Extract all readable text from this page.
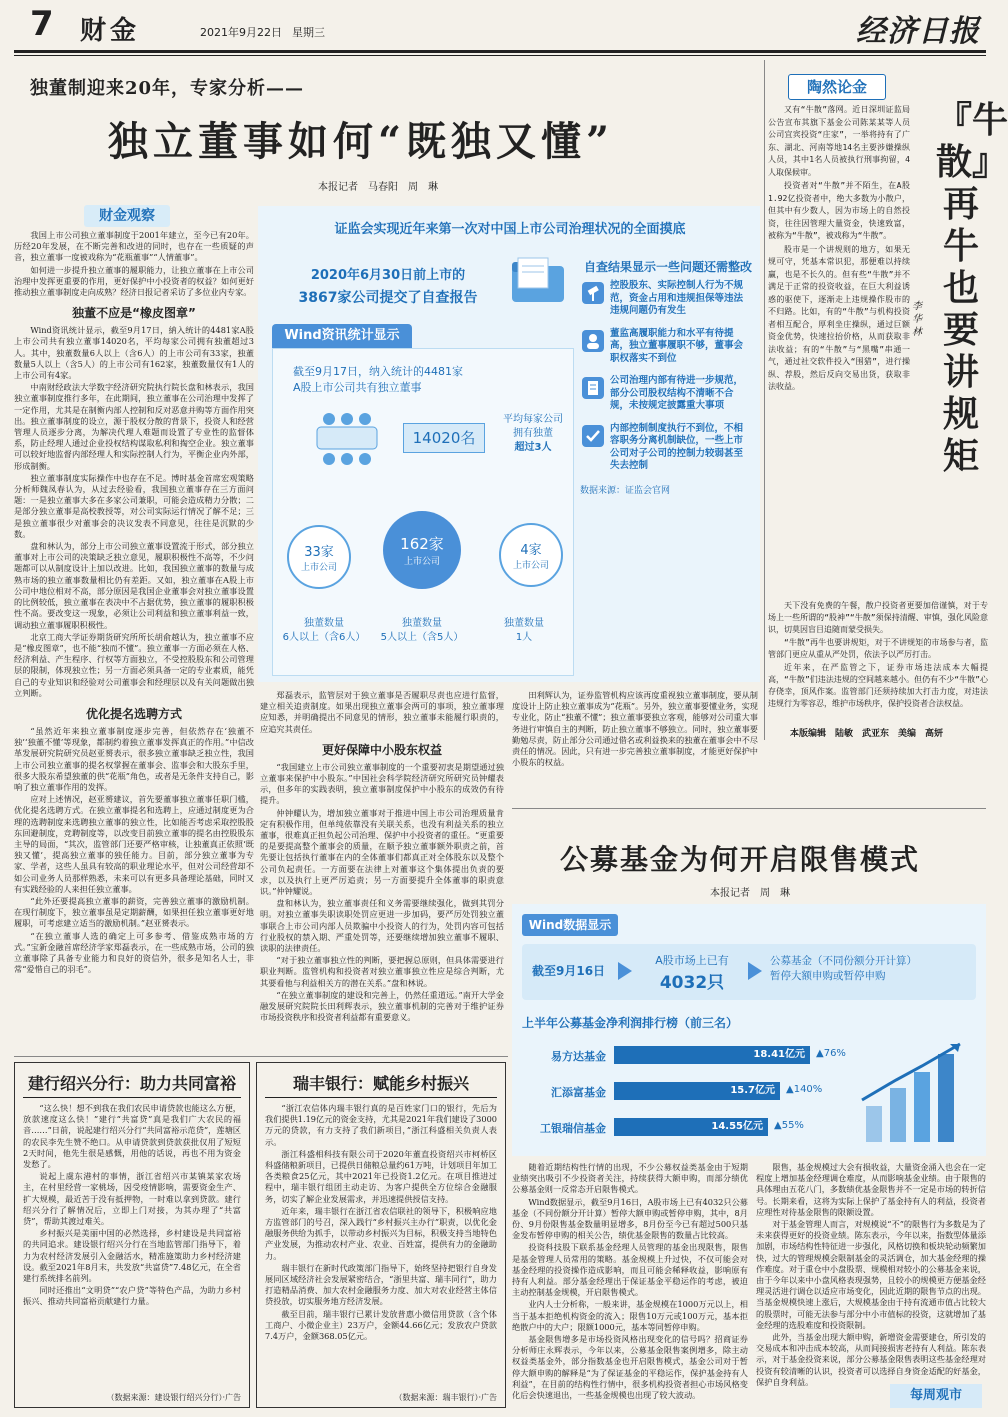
7 财金	2021年9月22日 星期三	经济日报
独董制迎来20年，专家分析——
独立董事如何“既独又懂”
本报记者　马春阳　周　琳
财金观察

我国上市公司独立董事制度于2001年建立，至今已有20年。历经20年发展，在不断完善和改进的同时，也存在一些质疑的声音，独立董事一度被戏称为“花瓶董事”“人情董事”。

如何进一步提升独立董事的履职能力，让独立董事在上市公司治理中发挥更重要的作用，更好保护中小投资者的权益？如何更好推动独立董事制度走向成熟？经济日报记者采访了多位业内专家。

独董不应是“橡皮图章”

Wind资讯统计显示，截至9月17日，納入统计的4481家A股上市公司共有独立董事14020名，平均每家公司拥有独董超过3人。其中，独董数量6人以上（含6人）的上市公司有33家，独董数量5人以上（含5人）的上市公司有162家，独董数量仅有1人的上市公司有4家。

中南财经政法大学数字经济研究院执行院长盘和林表示，我国独立董事制度推行多年，在此期间，独立董事在公司治理中发挥了一定作用，尤其是在制衡内部人控制和反对恶意并购等方面作用突出。独立董事制度的设立，源于股权分散的背景下，投资人和经营管理人员逐步分离，为解决代理人难题而设置了专业性的监督体系，防止经理人通过企业投权结构谋取私利和掏空企业。独立董事可以较好地监督内部经理人和实际控制人行为，平衡企业内外部，形成制衡。

独立董事制度实际操作中也存在不足。博时基金首席宏观策略分析师魏凤春认为，从过去经验看，我国独立董事存在三方面问题：一是独立董事大多在多家公司兼职，可能会造成精力分散；二是部分独立董事是高校教授等，对公司实际运行情况了解不足；三是独立董事很少对董事会的决议发表不同意见，往往是沉默的少数。

盘和林认为，部分上市公司独立董事设置流于形式，部分独立董事对上市公司的决策缺乏独立意见，履职积极性不高等，不少问题都可以从制度设计上加以改进。比如，我国独立董事的数量与成熟市场的独立董事数量相比仍有差距。又如，独立董事在A股上市公司中地位相对不高，部分原因是我国企业董事会对独立董事设置的比例较低，独立董事在表决中不占据优势，独立董事的履职积极性不高。要改变这一现象，必须让公司利益和独立董事利益一致，调动独立董事履职积极性。

北京工商大学证券期货研究所所长胡俞越认为，独立董事不应是“橡皮图章”，也不能“独而不懂”。独立董事一方面必须在人格、经济利益、产生程序、行权等方面独立，不受控股股东和公司管理层的限制，体现独立性；另一方面必须具备一定的专业素质，能凭自己的专业知识和经验对公司董事会和经理层以及有关问题做出独立判断。

优化提名选聘方式

“虽然近年来独立董事制度逐步完善，但依然存在‘独董不独’‘独董不懂’等现象，都制约着独立董事发挥真正的作用。”中信改革发展研究院研究员赵亚赟表示，很多独立董事缺乏独立性，我国上市公司独立董事的提名权掌握在董事会、监事会和大股东手里，很多大股东希望独董的供“花瓶”角色，或者是无条件支持自己，影响了独立董事作用的发挥。

应对上述情况，赵亚赟建议，首先要董事独立董事任职门槛，优化提名选聘方式。在独立董事提名和选聘上，应通过制度更为合理的选聘制度来选聘独立董事的独立性，比如能否考虑采取控股股东回避制度，竞聘制度等，以改变目前独立董事的提名由控股股东主导的局面，“其次，监管部门还要严格审核，让独董真正依照‘既独又懂’，提高独立董事的独任能力。目前，部分独立董事为专家、学者，这些人虽具有较高的职业理论水平，但对公司经营却不如公司业务人员那样熟悉，未来可以有更多具备理论基础，同时又有实践经验的人来担任独立董事。

“此外还要提高独立董事的薪资，完善独立董事的激励机制。在现行制度下，独立董事虽是定期薪酬，如果担任独立董事更好地履职，可考虑建立适当的激励机制。”赵亚赟表示。

“在独立董事人选的确定上可多参考、借鉴成熟市场的方式。”宝新金融首席经济学家郑磊表示，在一些成熟市场，公司的独立董事除了具备专业能力和良好的资信外，很多是知名人士，非常“爱惜自己的羽毛”。

郑磊表示，监管层对于独立董事是否履职尽责也应进行监督，建立相关追责制度。如果出现独立董事会两可的事项，独立董事理应知悉，并明确提出不同意见的情形，独立董事未能履行职责的，应追究其责任。

更好保障中小股东权益

“我国建立上市公司独立董事制度的一个重要初衷是期望通过独立董事来保护中小股东。”中国社会科学院经济研究所研究员钟耀表示，但多年的实践表明，独立董事制度保护中小股东的成效仍有待提升。

仲钟耀认为，增加独立董事对于推进中国上市公司治理质量肯定有积极作用，但单纯依靠没有关联关系，也没有利益关系的独立董事，很难真正担负起公司治理、保护中小投资者的重任。“更重要的是要提高整个董事会的质量，在顺予独立董事额外职责之前，首先要让包括执行董事在内的全体董事们都真正对全体股东以及整个公司负起责任。一方面要在法律上对董事这个集体提出负责的要求，以及执行上更严厉追责；另一方面要提升全体董事的职责意识。”仲钟耀说。

盘和林认为，独立董事责任和义务需要继续强化，做到其罚分明。对独立董事失职读职处罚应更进一步加码，要严厉处罚独立董事联合上市公司内部人员欺骗中小投资人的行为，处罚内容可包括行业股权的禁入期、严重处罚等，还要继续增加独立董事不履职、读职的法律责任。

“对于独立董事独立性的判断，要把握总原则，但具体需要进行职业判断。监管机构和投资者对独立董事独立性应是综合判断，尤其要看他与利益相关方的潜在关系。”盘和林说。

“在独立董事制度的建设和完善上，仍然任重道远。”南开大学金融发展研究院院长田利辉表示，独立董事机制的完善对于维护证券市场投资秩序和投资者利益都有重要意义。

田利辉认为，证券监管机构应该再度重视独立董事制度，要从制度设计上防止独立董事成为“花瓶”。另外，独立董事要懂业务，实现专业化，防止“独董不懂”；独立董事要独立客观，能够对公司重大事务进行审慎自主的判断，防止独立董事不够独立。同时，独立董事要勤勉尽责，防止部分公司通过借名或利益换来的独董在董事会中不尽责任的情况。因此，只有进一步完善独立董事制度，才能更好保护中小股东的权益。

证监会实现近年来第一次对中国上市公司治理状况的全面摸底
2020年6月30日前上市的
3867家公司提交了自查报告
自查结果显示一些问题还需整改
Wind资讯统计显示
截至9月17日，纳入统计的4481家
A股上市公司共有独立董事
14020名
平均每家公司
拥有独董
超过3人
33家
上市公司
162家
上市公司
4家
上市公司
独董数量
6人以上（含6人）
独董数量
5人以上（含5人）
独董数量
1人
控股股东、实际控制人行为不规范，资金占用和违规担保等违法违规问题仍有发生
董监高履职能力和水平有待提高，独立董事履职不够，董事会职权落实不到位
公司治理内部有待进一步规范，部分公司股权结构不清晰不合规，未按规定披露重大事项
内部控制制度执行不到位，不相容职务分离机制缺位，一些上市公司对子公司的控制力较弱甚至失去控制
数据来源：证监会官网
陶然论金
『牛散』再牛也要讲规矩
李华林

又有“牛散”落网。近日深圳证监局公告宣布其旗下基金公司陈某某等人员公司宜宾投资“庄家”，一举将持有了广东、湖北、河南等地14名主要涉嫌操纵人员，其中1名人员被执行刑事拘留，4人取保候审。

投资者对“牛散”并不陌生，在A股1.92亿投资者中，绝大多数为小散户，但其中有少数人，因为市场上的自然投资，往往因管理大量资金，快速致富，被称为“牛散”，被戏称为“牛散”。

股市是一个讲规则的地方，如果无规可守，凭基本常识犯，那便难以持续赢，也是不长久的。但有些“牛散”并不满足于正常的投资收益，在巨大利益诱惑的驱使下，逐渐走上违规操作股市的不归路。比如，有的“牛散”与机构投资者相互配合，厚利坐庄操纵，通过巨额资金优势，快速拉抬价格，从而获取非法收益；有的“牛散”与“黑嘴”串通一气，通过社交软件投入“围猎”，进行操纵、荐股，然后反向交易出货，获取非法收益。

天下没有免费的午餐，散户投资者更要加倍谨慎，对于专场上一些所谓的“股神”“牛散”须保持清醒、审慎，强化风险意识，切莫因盲目追随而蒙受损失。

“牛散”再牛也要讲规矩，对于不讲规矩的市场参与者，监管部门更应从重从严处罚，依法予以严厉打击。

近年来，在严监管之下，证券市场违法成本大幅提高，“牛散”们违法违规的空间越来越小。但仍有不少“牛散”心存侥幸，顶风作案。监管部门还须持续加大打击力度，对违法违规行为零容忍，维护市场秩序，保护投资者合法权益。

本版编辑　陆敏　武亚东　美编　高妍
公募基金为何开启限售模式
本报记者　周　琳
Wind数据显示
截至9月16日
A股市场上已有
4032只
公募基金（不同份额分开计算）
暂停大额申购或暂停申购
上半年公募基金净利润排行榜（前三名）
易方达基金	18.41亿元	▲76%
汇添富基金	15.7亿元	▲140%
工银瑞信基金	14.55亿元	▲55%

随着近期结构性行情的出现，不少公募权益类基金由于短期业绩突出吸引不少投资者关注，持续获得大额申购，而部分绩优公募基金则一反常态开启限售模式。

Wind数据显示，截至9月16日，A股市场上已有4032只公募基金（不同份额分开计算）暂停大额申购或暂停申购，其中，8月份、9月份限售基金数量明显增多，8月份至今已有超过500只基金发布暂停申购的相关公告，绩优基金限售的数量占比较高。

投资科技股下联系基金经理人员管理的基金出现限售，限售是基金管理人员常用的策略。基金规模上升过快，不仅可能会对基金经理的投资操作造成影响，而且可能会稀释收益，影响原有持有人利益。部分基金经理出于保证基金平稳运作的考虑，被迫主动控制基金规模，开启限售模式。

业内人士分析称，一般来讲，基金规模在1000万元以上，相当于基本拒绝机构资金的流入；限售10万元或100万元，基本拒绝散户中的大户；限额1000元，基本等同暂停申购。

基金限售增多是市场投资风格出现变化的信号吗？招商证券分析师庄永辉表示，今年以来，公募基金限售案例增多，除主动权益类基金外，部分指数基金也开启限售模式，基金公司对于暂停大额申购的解释是“为了保证基金的平稳运作，保护基金持有人利益”，在目前的结构性行情中，很多机构投资者担心市场风格变化后会快速退出，一些基金规模也出现了较大波动。

限售，基金规模过大会有损收益，大量资金涌入也会在一定程度上增加基金经理调仓难度，从而影响基金业绩。由于限售的具体理由五花八门，多数绩优基金限售并不一定是市场的转折信号。长期来看，这将为实际上保护了基金持有人的利益，投资者应理性对待基金限售的限额设置。

对于基金管理人而言，对规模说“不”的限售行为多数是为了未来获得更好的投资业绩。陈东表示，今年以来，指数型体量添加剧，市场结构性特征进一步强化，风格切换和板块轮动频繁加快，过大的管理规模会限制基金的灵活调仓，加大基金经理的操作难度。对于重仓中小盘股票、规模相对较小的公募基金来说，由于今年以来中小盘风格表现强势，且较小的规模更方便基金经理灵活进行调仓以适应市场变化，因此近期的限售节点的出现。当基金规模快速上涨后，大规模基金由于持有流通市值占比较大的股票时，可能无法参与部分中小市值标的投资，这就增加了基金经理的选股难度和投资限制。

此外，当基金出现大额申购，新增资金需要建仓，所引发的交易成本和冲击成本较高，从而间接损害老持有人利益。陈东表示，对于基金投资来说，部分公募基金限售表明这些基金经理对投资有较清晰的认识，投资者可以选择自身资金适配的好基金，保护自身利益。

每周观市
建行绍兴分行：助力共同富裕

“这么快！想不到我在我们农民申请贷款也能这么方便，放款速度这么快！”建行“共富贷”真是我们广大农民的福音……”日前，说起建行绍兴分行“共同富裕示范贷”，莲塘区的农民李先生赞不绝口。从申请贷款到贷款获批仅用了短短2天时间，他先生很是感慨，用他的话说，再也不用为资金发愁了。

说起上虞东港村的事情，浙江省绍兴市某镇某家农场主，在村里经营一家桃场，因受疫情影响，需要资金生产、扩大规模，最近苦于没有抵押物，一时难以拿到贷款。建行绍兴分行了解情况后，立即上门对接，为其办理了“共富贷”，帮助其渡过难关。

乡村振兴是美丽中国的必然选择，乡村建设是共同富裕的共同追求。建设银行绍兴分行在当地监管部门指导下，着力为农村经济发展引入金融活水，精准施策助力乡村经济建设。截至2021年8月末，共发放“共富贷”7.48亿元，在全省建行系统排名前列。

同时还推出“文明贷”“农户贷”等特色产品，为助力乡村振兴、推动共同富裕贡献建行力量。

（数据来源：建设银行绍兴分行）·广告
瑞丰银行：赋能乡村振兴

“浙江农信体内瑞丰银行真的是百姓家门口的银行，先后为我们提供1.19亿元的资金支持，尤其是2021年我们建设了3000万元的贷款，有力支持了我们新项目，”浙江科盛相关负责人表示。

浙江科盛相科技有限公司于2020年董直投资绍兴市柯桥区科盛储粮新项目，已提供日储粮总量约61万吨，计划项目年加工各类粮食25亿元，其中2021年已投资1.2亿元。在项目推进过程中，瑞丰银行组团主动走访、为客户提供全方位综合金融服务，切实了解企业发展需求，并迅速提供授信支持。

近年来，瑞丰银行在浙江省农信联社的领导下，积极响应地方监管部门的号召，深入践行“乡村振兴主办行”职责，以优化金融服务供给为抓手，以带动乡村振兴为目标，积极支持当地特色产业发展，为推动农村产业、农业、百姓富，提供有力的金融助力。

瑞丰银行在新时代政策部门指导下，始终坚持把银行自身发展同区域经济社会发展紧密结合，“浙里共富、瑞丰同行”，助力打造精品消费、加大农村金融服务力度、加大对农业经营主体信贷投放，切实服务地方经济发展。

截至目前，瑞丰银行已累计发放普惠小微信用贷款（含个体工商户、小微企业主）23万户，金额44.66亿元；发放农户贷款7.4万户，金额368.05亿元。

（数据来源：瑞丰银行）·广告
